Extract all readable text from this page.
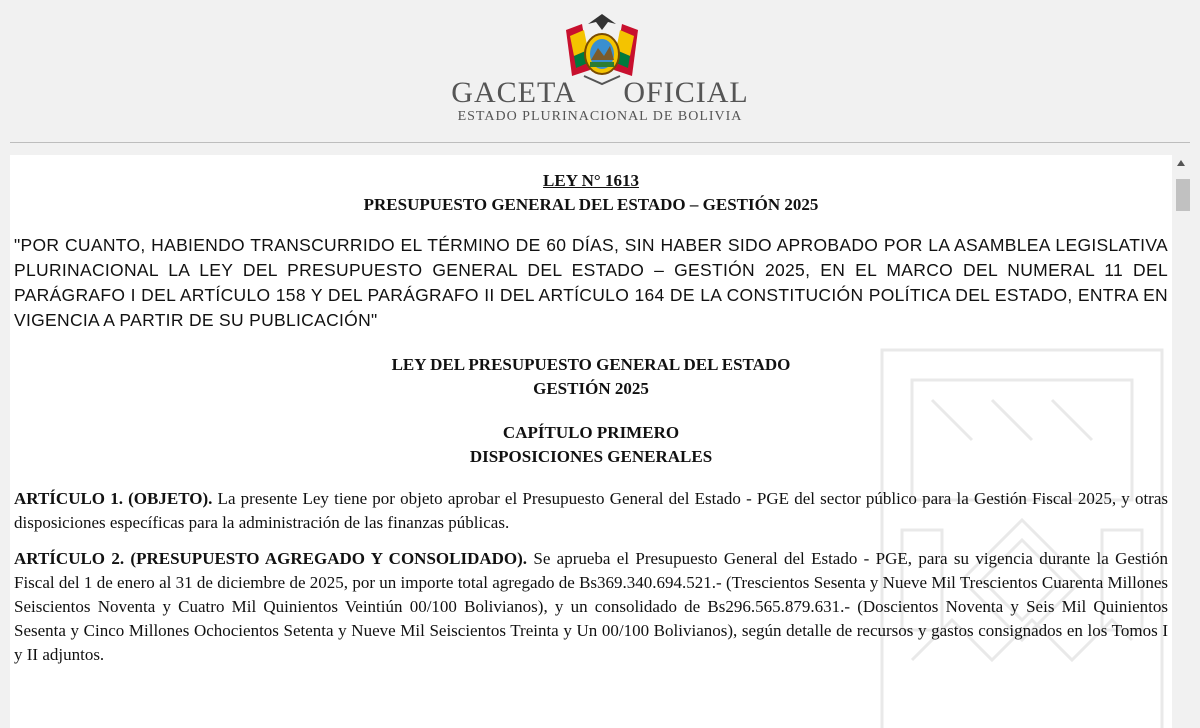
GACETA OFICIAL
ESTADO PLURINACIONAL DE BOLIVIA
LEY N° 1613
PRESUPUESTO GENERAL DEL ESTADO – GESTIÓN 2025

"POR CUANTO, HABIENDO TRANSCURRIDO EL TÉRMINO DE 60 DÍAS, SIN HABER SIDO APROBADO POR LA ASAMBLEA LEGISLATIVA PLURINACIONAL LA LEY DEL PRESUPUESTO GENERAL DEL ESTADO – GESTIÓN 2025, EN EL MARCO DEL NUMERAL 11 DEL PARÁGRAFO I DEL ARTÍCULO 158 Y DEL PARÁGRAFO II DEL ARTÍCULO 164 DE LA CONSTITUCIÓN POLÍTICA DEL ESTADO, ENTRA EN VIGENCIA A PARTIR DE SU PUBLICACIÓN"

LEY DEL PRESUPUESTO GENERAL DEL ESTADO
GESTIÓN 2025
CAPÍTULO PRIMERO
DISPOSICIONES GENERALES

ARTÍCULO 1. (OBJETO). La presente Ley tiene por objeto aprobar el Presupuesto General del Estado - PGE del sector público para la Gestión Fiscal 2025, y otras disposiciones específicas para la administración de las finanzas públicas.

ARTÍCULO 2. (PRESUPUESTO AGREGADO Y CONSOLIDADO). Se aprueba el Presupuesto General del Estado - PGE, para su vigencia durante la Gestión Fiscal del 1 de enero al 31 de diciembre de 2025, por un importe total agregado de Bs369.340.694.521.- (Trescientos Sesenta y Nueve Mil Trescientos Cuarenta Millones Seiscientos Noventa y Cuatro Mil Quinientos Veintiún 00/100 Bolivianos), y un consolidado de Bs296.565.879.631.- (Doscientos Noventa y Seis Mil Quinientos Sesenta y Cinco Millones Ochocientos Setenta y Nueve Mil Seiscientos Treinta y Un 00/100 Bolivianos), según detalle de recursos y gastos consignados en los Tomos I y II adjuntos.
